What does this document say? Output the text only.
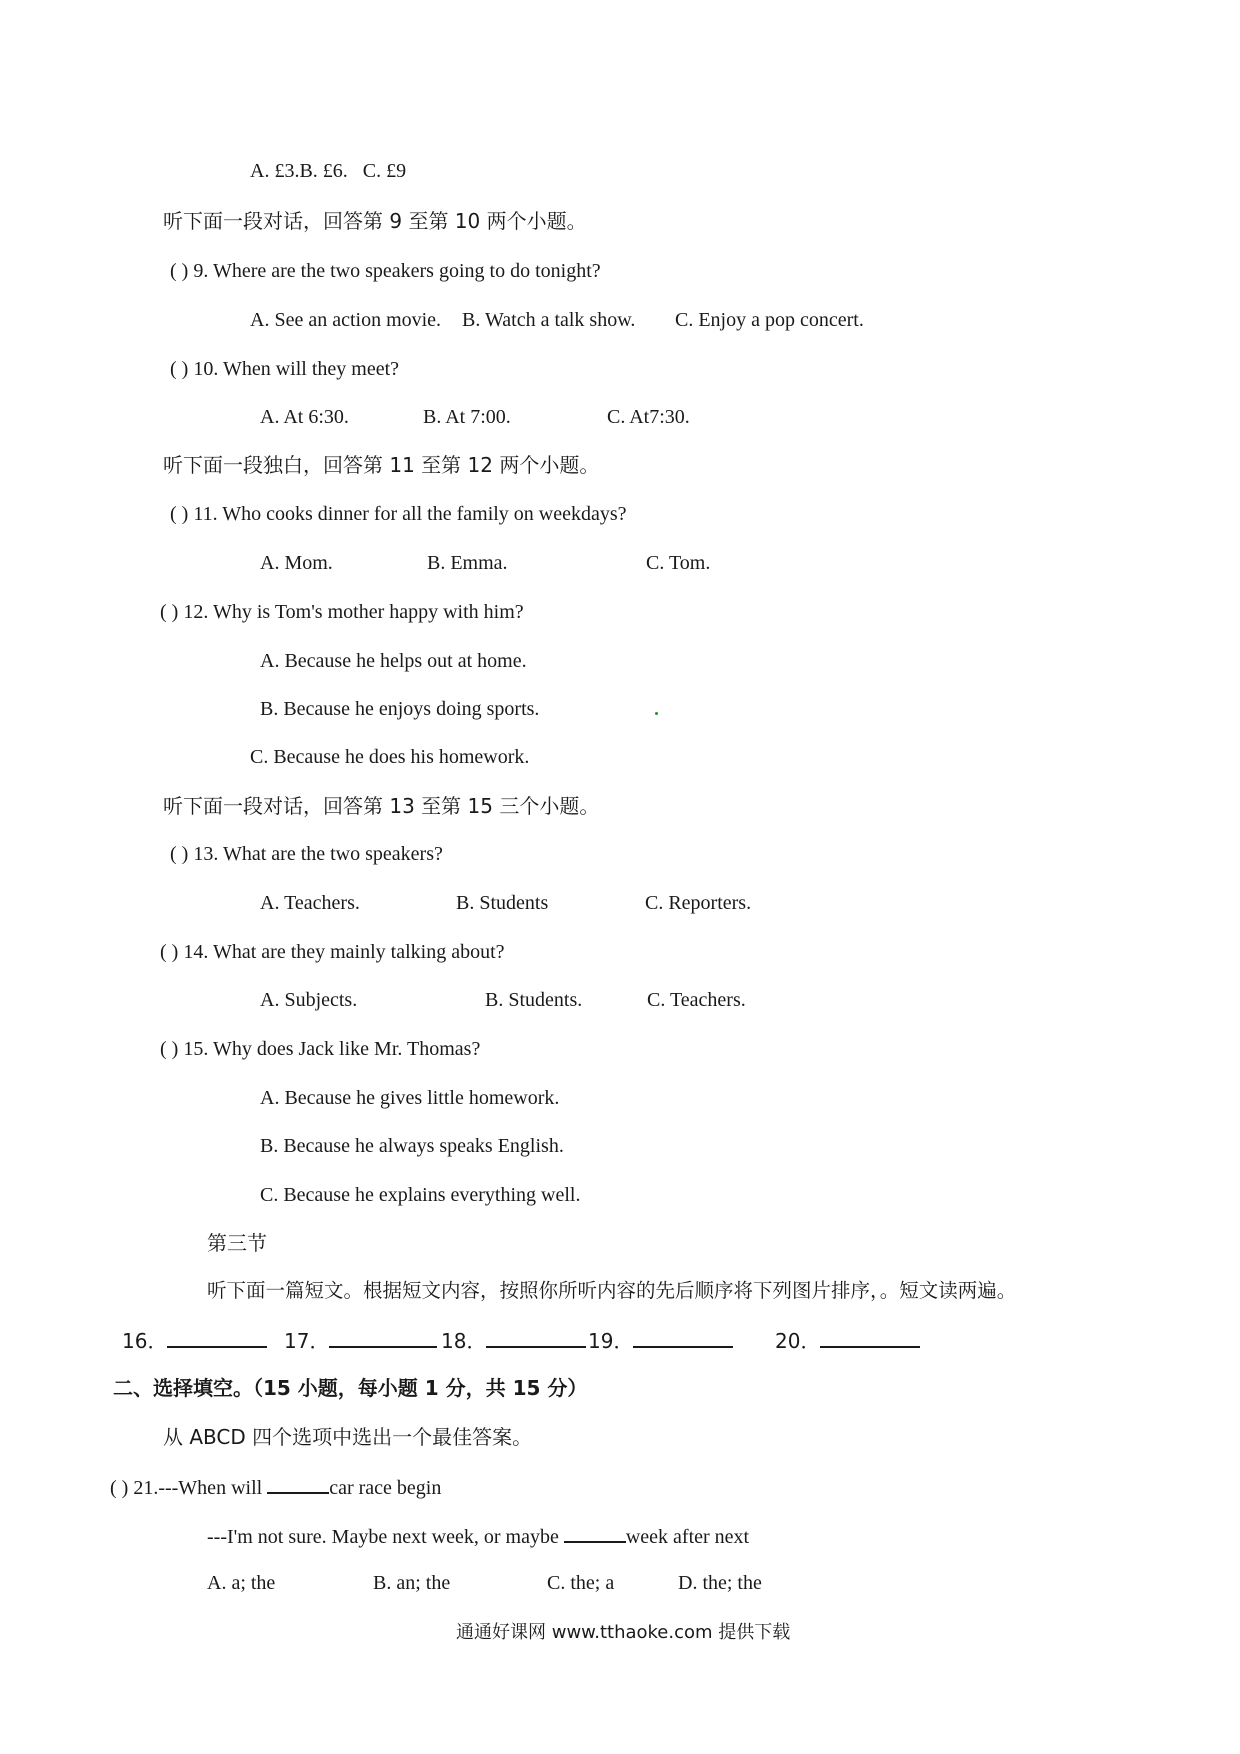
A. £3.B. £6. C. £9
听下面一段对话，回答第 9 至第 10 两个小题。
( ) 9. Where are the two speakers going to do tonight?
A. See an action movie. B. Watch a talk show. C. Enjoy a pop concert.
( ) 10. When will they meet?
A. At 6:30.	B. At 7:00.	C. At7:30.
听下面一段独白，回答第 11 至第 12 两个小题。
( ) 11. Who cooks dinner for all the family on weekdays?
A. Mom.	B. Emma.	C. Tom.
( ) 12. Why is Tom's mother happy with him?
A. Because he helps out at home.
B. Because he enjoys doing sports.
C. Because he does his homework.
听下面一段对话，回答第 13 至第 15 三个小题。
( ) 13. What are the two speakers?
A. Teachers.	B. Students	C. Reporters.
( ) 14. What are they mainly talking about?
A. Subjects.	B. Students.	C. Teachers.
( ) 15. Why does Jack like Mr. Thomas?
A. Because he gives little homework.
B. Because he always speaks English.
C. Because he explains everything well.
第三节
听下面一篇短文。根据短文内容，按照你所听内容的先后顺序将下列图片排序，。短文读两遍。
16．	17．	18．	19．	20．
二、选择填空。（15 小题，每小题 1 分，共 15 分）
从 ABCD 四个选项中选出一个最佳答案。
( ) 21.---When will	car race begin
---I'm not sure. Maybe next week, or maybe	week after next
A. a; the	B. an; the	C. the; a	D. the; the
通通好课网 www.tthaoke.com 提供下载
